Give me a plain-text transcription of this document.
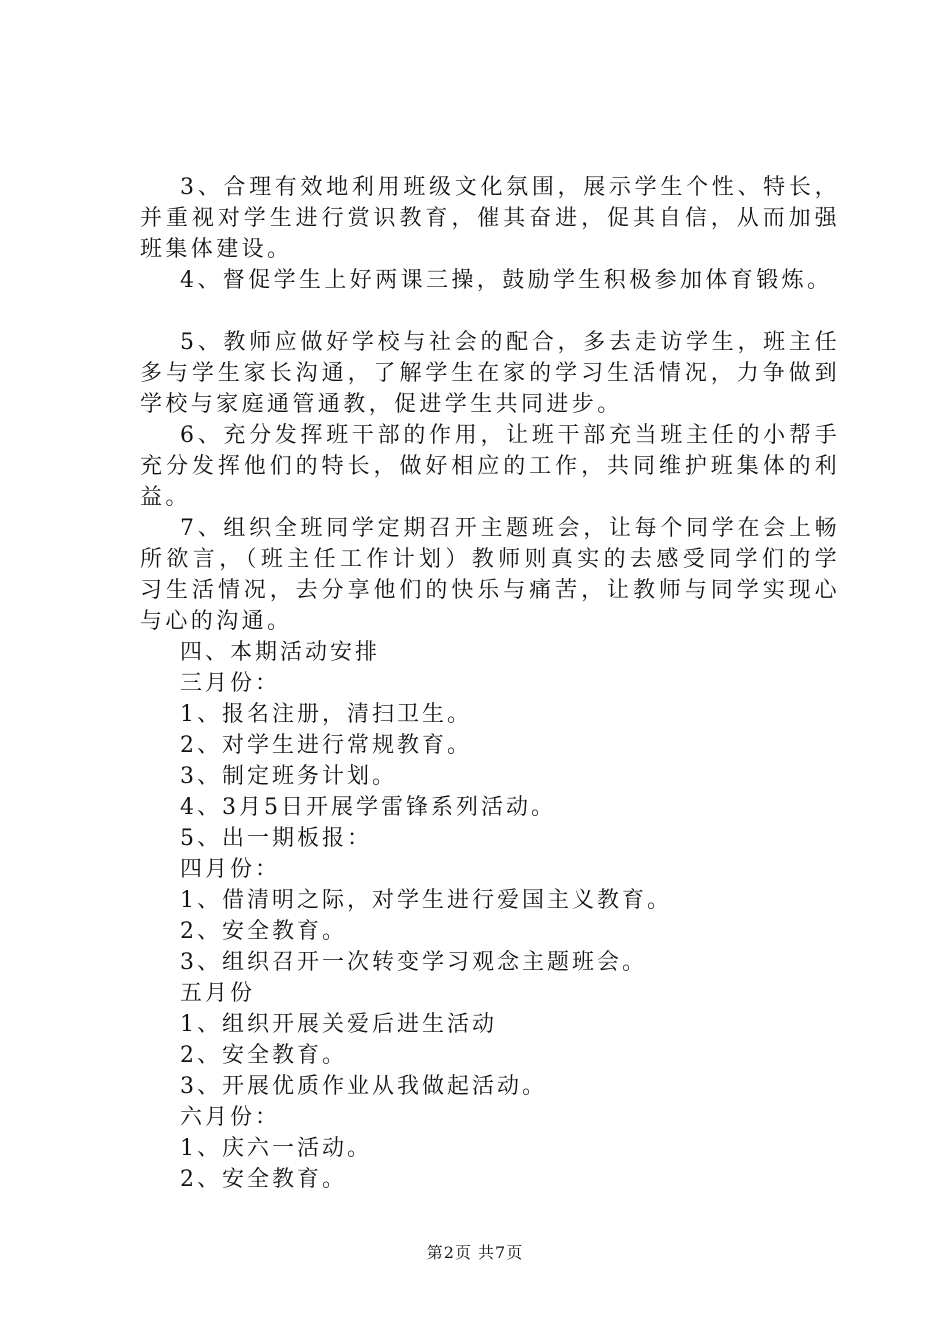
3、合理有效地利用班级文化氛围，展示学生个性、特长，并重视对学生进行赏识教育，催其奋进，促其自信，从而加强班集体建设。

4、督促学生上好两课三操，鼓励学生积极参加体育锻炼。

5、教师应做好学校与社会的配合，多去走访学生，班主任多与学生家长沟通，了解学生在家的学习生活情况，力争做到学校与家庭通管通教，促进学生共同进步。

6、充分发挥班干部的作用，让班干部充当班主任的小帮手充分发挥他们的特长，做好相应的工作，共同维护班集体的利益。

7、组织全班同学定期召开主题班会，让每个同学在会上畅所欲言，（班主任工作计划）教师则真实的去感受同学们的学习生活情况，去分享他们的快乐与痛苦，让教师与同学实现心与心的沟通。

四、本期活动安排

三月份：

1、报名注册，清扫卫生。

2、对学生进行常规教育。

3、制定班务计划。

4、3月5日开展学雷锋系列活动。

5、出一期板报：

四月份：

1、借清明之际，对学生进行爱国主义教育。

2、安全教育。

3、组织召开一次转变学习观念主题班会。

五月份

1、组织开展关爱后进生活动

2、安全教育。

3、开展优质作业从我做起活动。

六月份：

1、庆六一活动。

2、安全教育。

第2页 共7页
